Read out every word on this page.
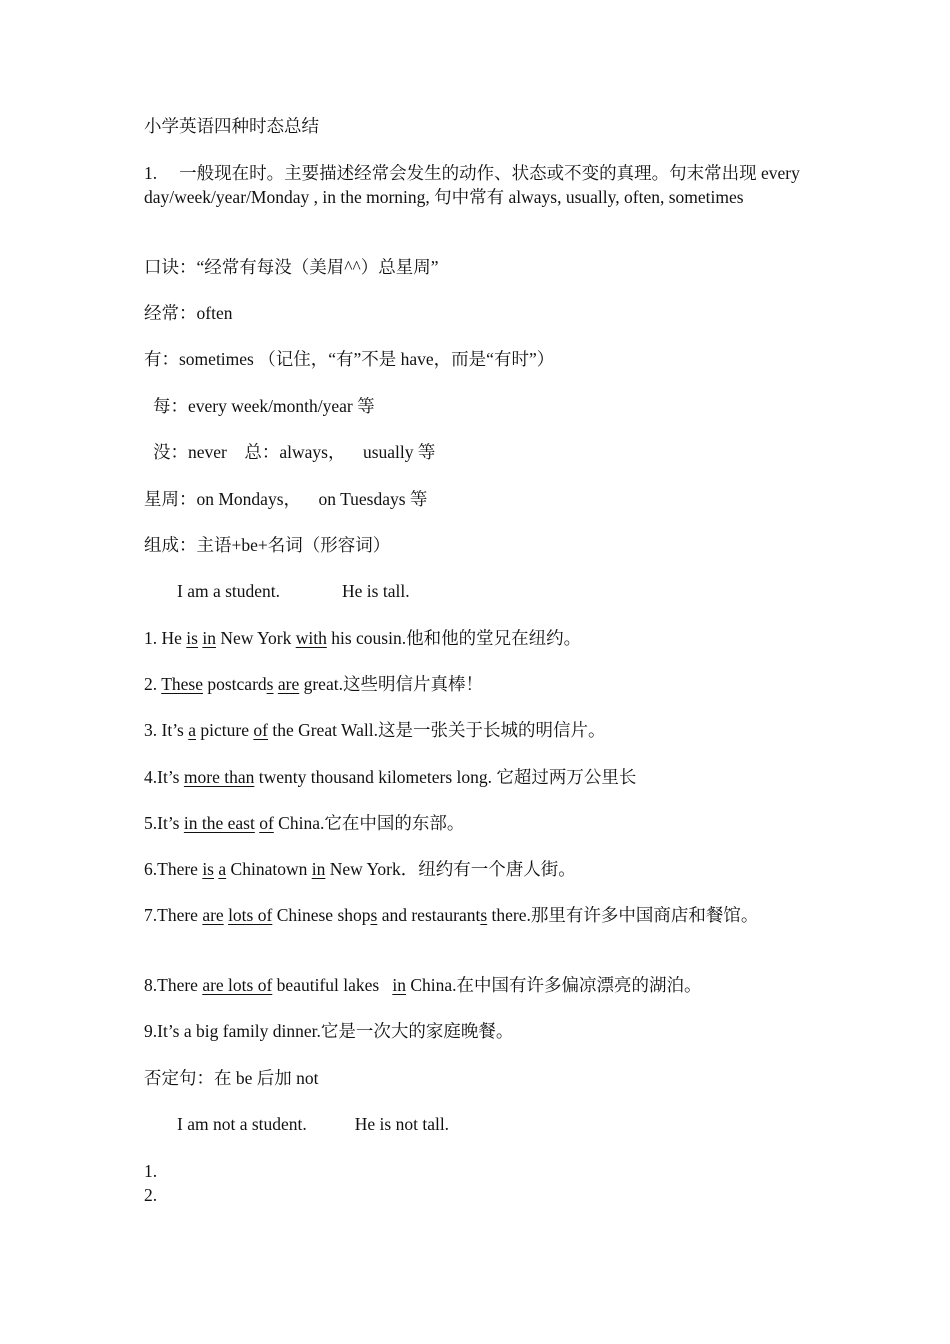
小学英语四种时态总结
1. 一般现在时。主要描述经常会发生的动作、状态或不变的真理。句末常出现 every day/week/year/Monday , in the morning, 句中常有 always, usually, often, sometimes
口诀：“经常有每没（美眉^^）总星周”
经常：often
有：sometimes （记住，“有”不是 have，而是“有时”）
每：every week/month/year 等
没：never 总：always， usually 等
星周：on Mondays， on Tuesdays 等
组成：主语+be+名词（形容词）
I am a student.	He is tall.
1. He is in New York with his cousin.他和他的堂兄在纽约。
2. These postcards are great.这些明信片真棒！
3. It’s a picture of the Great Wall.这是一张关于长城的明信片。
4.It’s more than twenty thousand kilometers long. 它超过两万公里长
5.It’s in the east of China.它在中国的东部。
6.There is a Chinatown in New York．纽约有一个唐人街。
7.There are lots of Chinese shops and restaurants there.那里有许多中国商店和餐馆。
8.There are lots of beautiful lakes   in China.在中国有许多偏凉漂亮的湖泊。
9.It’s a big family dinner.它是一次大的家庭晚餐。
否定句：在 be 后加 not
I am not a student.	He is not tall.
1.
2.
